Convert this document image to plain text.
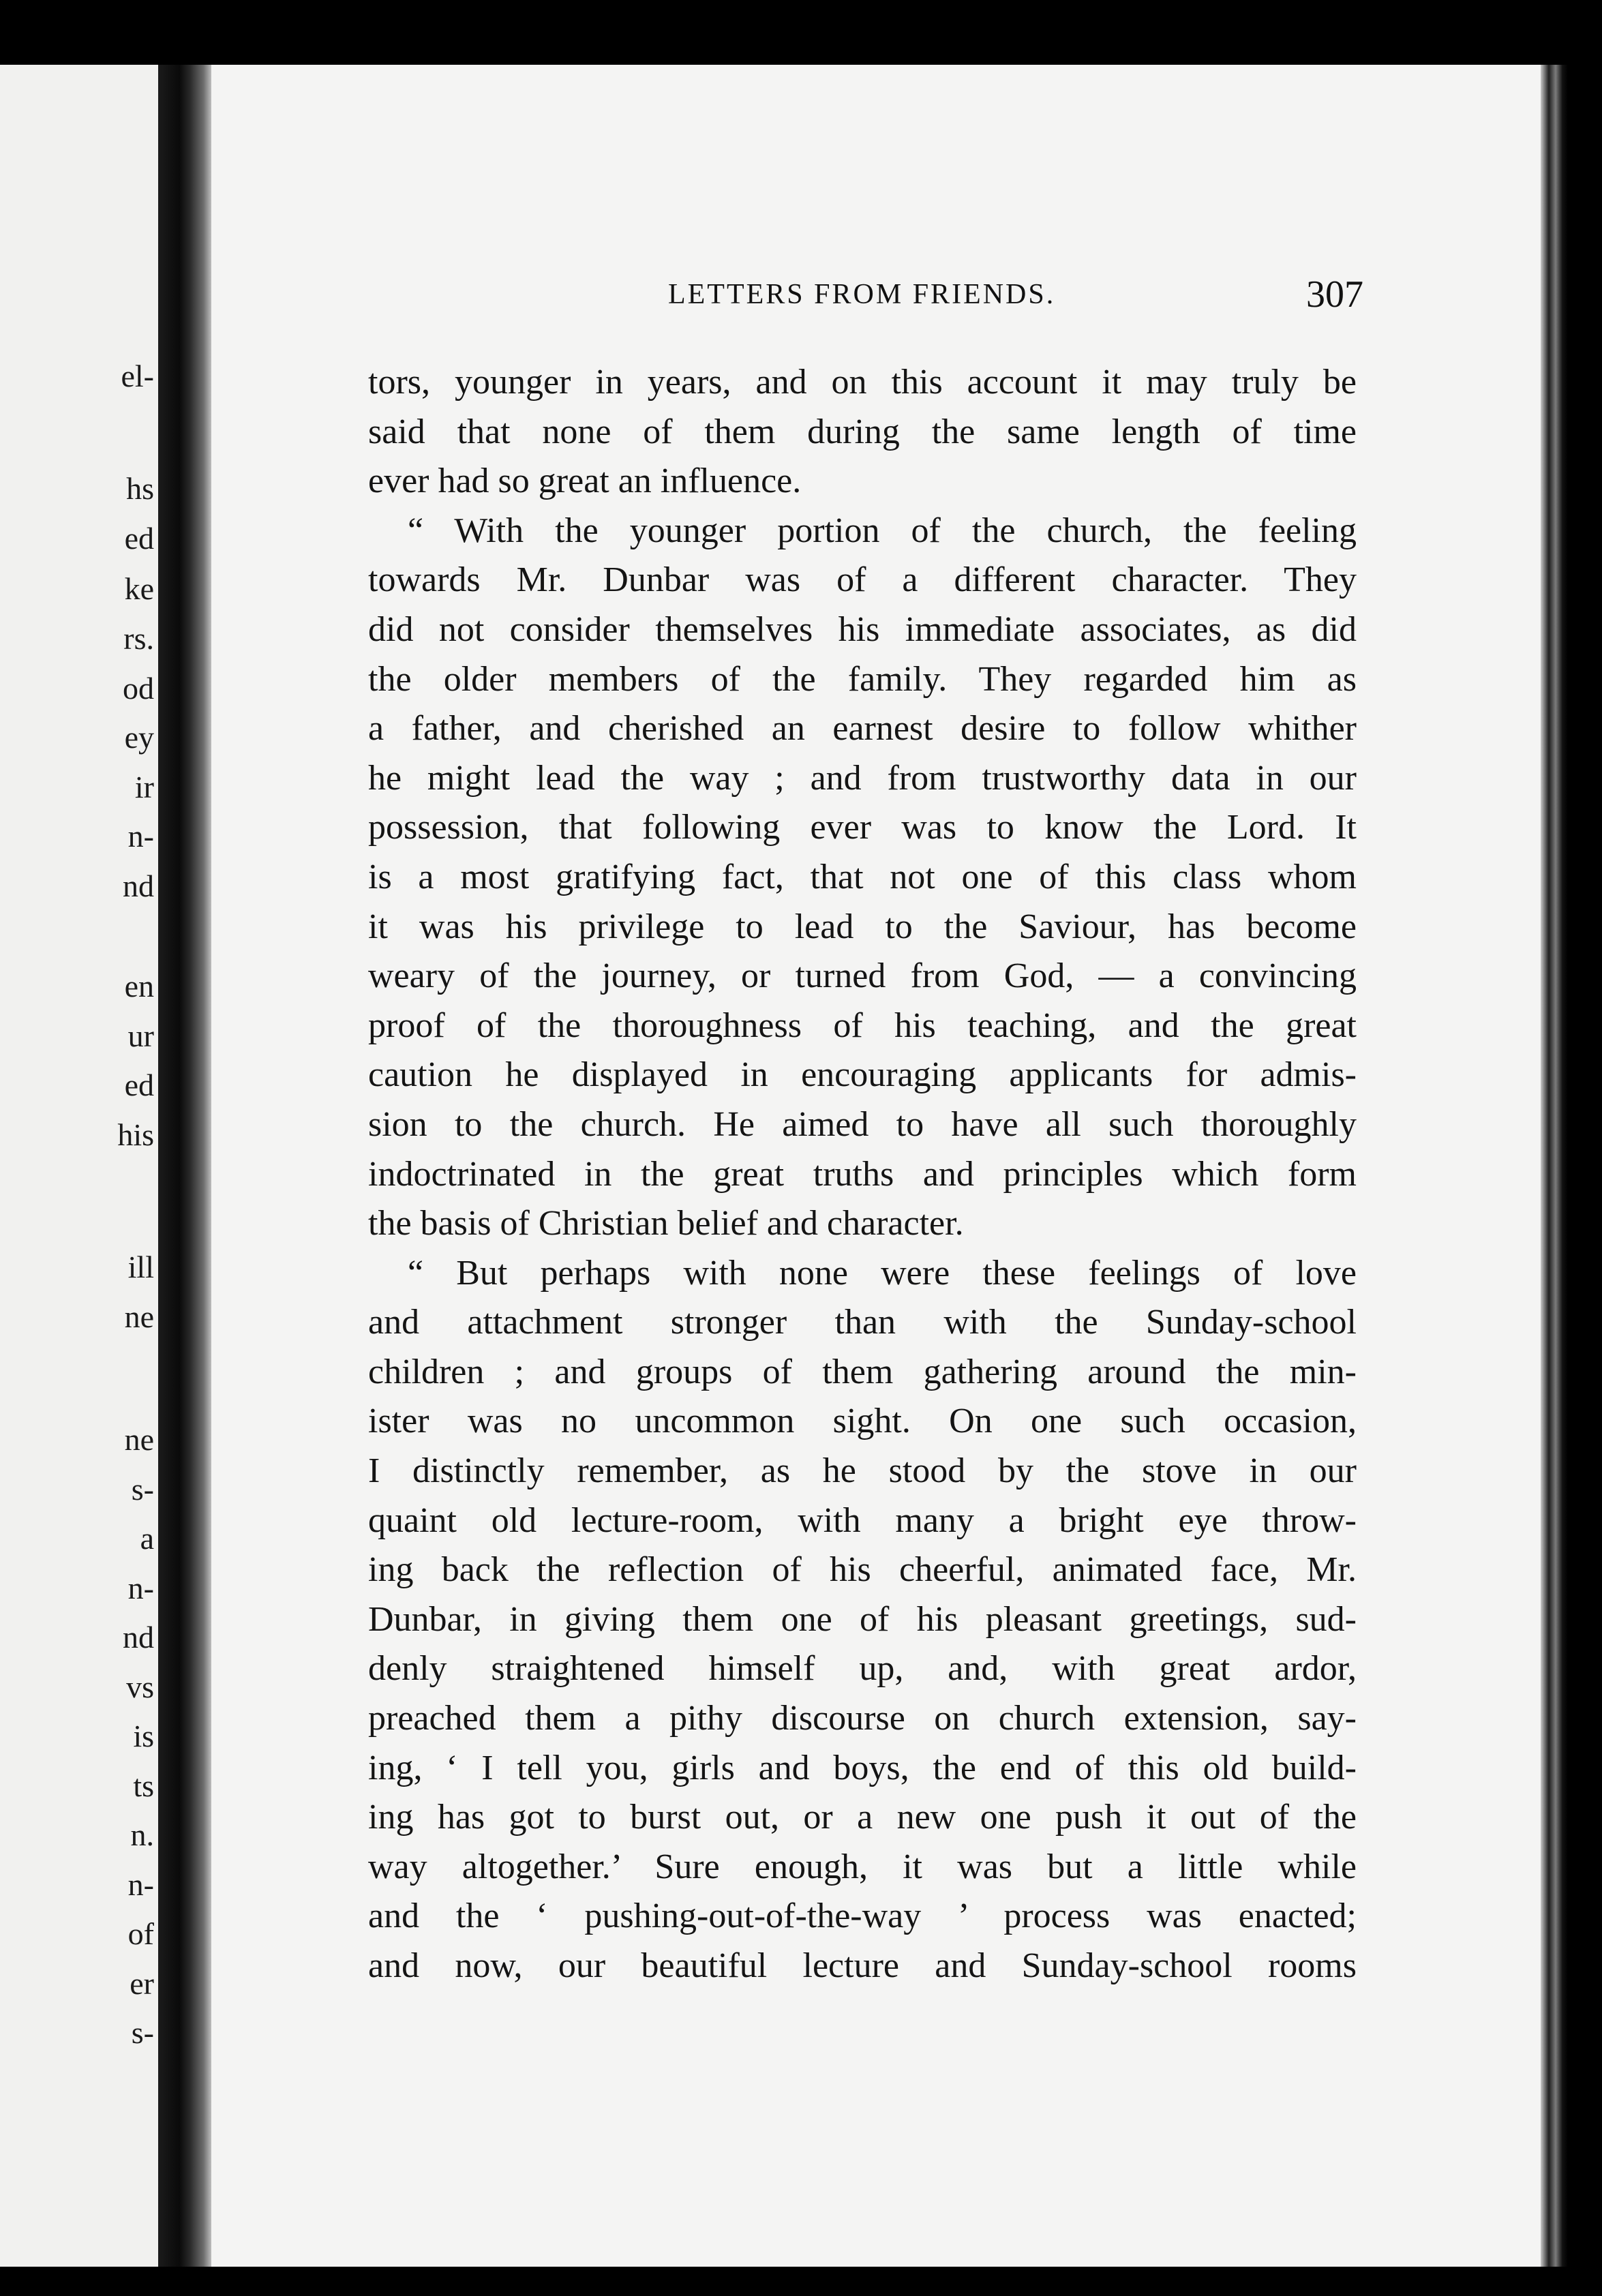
el-
hs
ed
ke
rs.
od
ey
ir
n-
nd
en
ur
ed
his
ill
ne
ne
s-
a
n-
nd
vs
is
ts
n.
n-
of
er
s-
LETTERS FROM FRIENDS.	307
tors, younger in years, and on this account it may truly be
said that none of them during the same length of time
ever had so great an influence.
“ With the younger portion of the church, the feeling
towards Mr. Dunbar was of a different character. They
did not consider themselves his immediate associates, as did
the older members of the family. They regarded him as
a father, and cherished an earnest desire to follow whither
he might lead the way ; and from trustworthy data in our
possession, that following ever was to know the Lord. It
is a most gratifying fact, that not one of this class whom
it was his privilege to lead to the Saviour, has become
weary of the journey, or turned from God, — a convincing
proof of the thoroughness of his teaching, and the great
caution he displayed in encouraging applicants for admis-
sion to the church. He aimed to have all such thoroughly
indoctrinated in the great truths and principles which form
the basis of Christian belief and character.
“ But perhaps with none were these feelings of love
and attachment stronger than with the Sunday-school
children ; and groups of them gathering around the min-
ister was no uncommon sight. On one such occasion,
I distinctly remember, as he stood by the stove in our
quaint old lecture-room, with many a bright eye throw-
ing back the reflection of his cheerful, animated face, Mr.
Dunbar, in giving them one of his pleasant greetings, sud-
denly straightened himself up, and, with great ardor,
preached them a pithy discourse on church extension, say-
ing, ‘ I tell you, girls and boys, the end of this old build-
ing has got to burst out, or a new one push it out of the
way altogether.’ Sure enough, it was but a little while
and the ‘ pushing-out-of-the-way ’ process was enacted;
and now, our beautiful lecture and Sunday-school rooms
